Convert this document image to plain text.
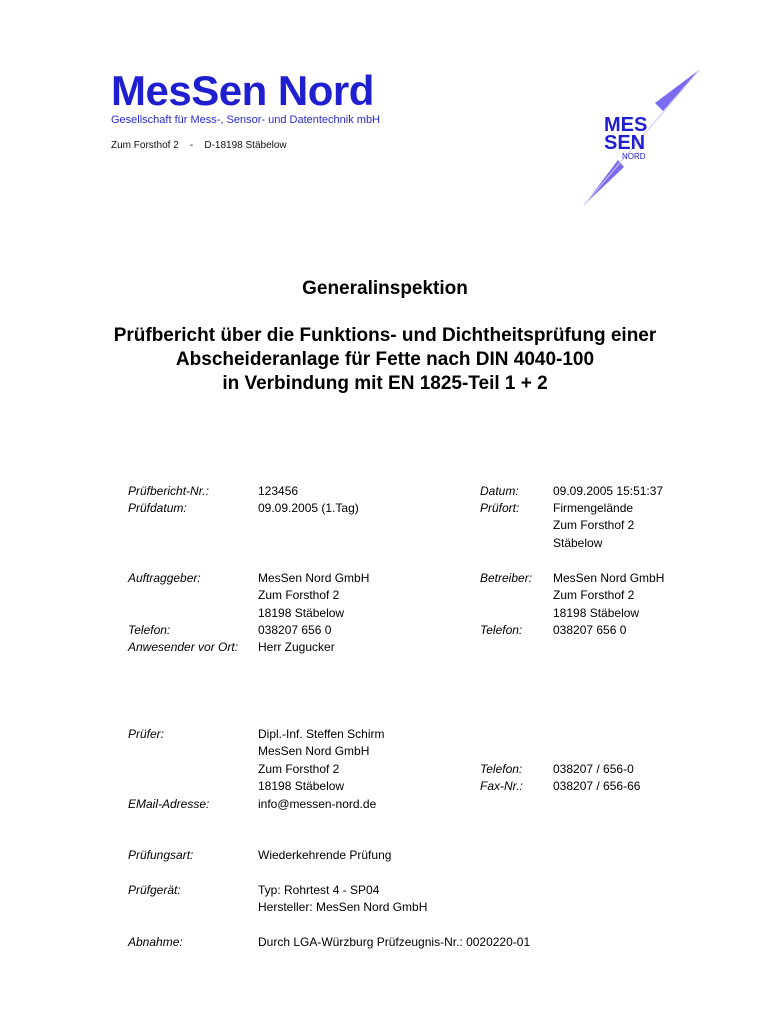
MesSen Nord
Gesellschaft für Mess-, Sensor- und Datentechnik mbH
Zum Forsthof 2    -    D-18198 Stäbelow
MES
SEN
NORD
Generalinspektion
Prüfbericht über die Funktions- und Dichtheitsprüfung einer
Abscheideranlage für Fette nach DIN 4040-100
in Verbindung mit EN 1825-Teil 1 + 2
Prüfbericht-Nr.:	123456
Prüfdatum:	09.09.2005 (1.Tag)
Datum:	09.09.2005 15:51:37
Prüfort:	Firmengelände
Zum Forsthof 2
Stäbelow
Auftraggeber:	MesSen Nord GmbH
Zum Forsthof 2
18198 Stäbelow
Telefon:	038207 656 0
Anwesender vor Ort: Herr Zugucker
Betreiber: MesSen Nord GmbH
Zum Forsthof 2
18198 Stäbelow
Telefon:	038207 656 0
Prüfer:	Dipl.-Inf. Steffen Schirm
MesSen Nord GmbH
Zum Forsthof 2
18198 Stäbelow
EMail-Adresse:	info@messen-nord.de
Telefon:	038207 / 656-0
Fax-Nr.:	038207 / 656-66
Prüfungsart:	Wiederkehrende Prüfung
Prüfgerät:	Typ: Rohrtest 4 - SP04
Hersteller: MesSen Nord GmbH
Abnahme:	Durch LGA-Würzburg Prüfzeugnis-Nr.: 0020220-01
